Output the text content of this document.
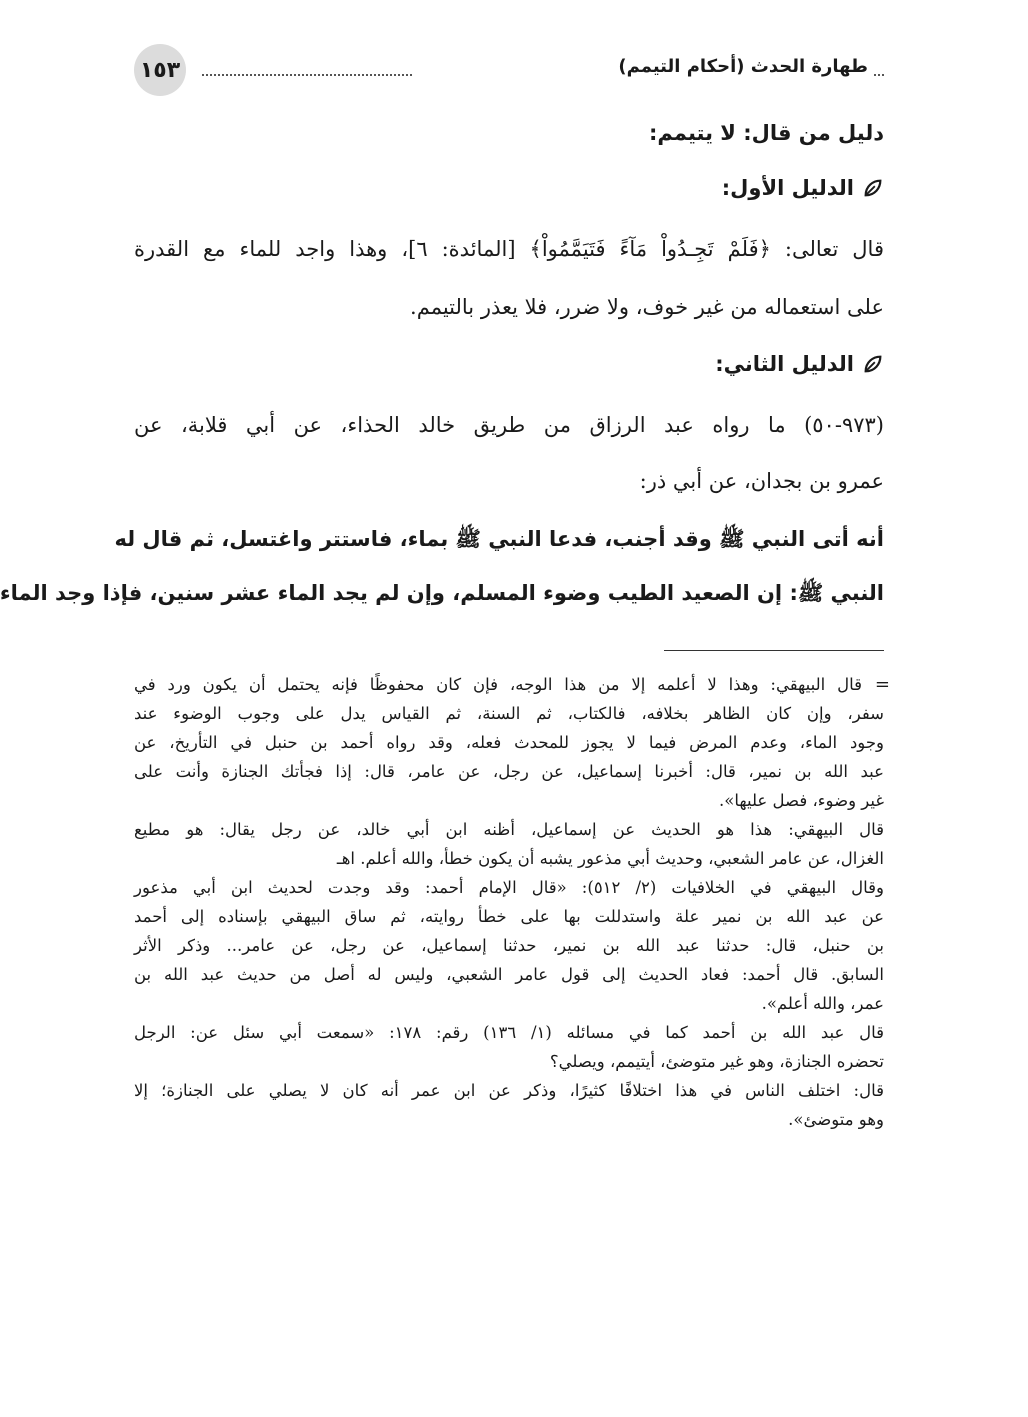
١٥٣	طهارة الحدث (أحكام التيمم)

دليل من قال: لا يتيمم:

الدليل الأول:

قال تعالى: ﴿فَلَمْ تَجِـدُواْ مَآءً فَتَيَمَّمُواْ﴾ [المائدة: ٦]، وهذا واجد للماء مع القدرة

على استعماله من غير خوف، ولا ضرر، فلا يعذر بالتيمم.

الدليل الثاني:

(٩٧٣-٥٠) ما رواه عبد الرزاق من طريق خالد الحذاء، عن أبي قلابة، عن

عمرو بن بجدان، عن أبي ذر:

أنه أتى النبي ﷺ وقد أجنب، فدعا النبي ﷺ بماء، فاستتر واغتسل، ثم قال له

النبي ﷺ: إن الصعيد الطيب وضوء المسلم، وإن لم يجد الماء عشر سنين، فإذا وجد الماء

=

قال البيهقي: وهذا لا أعلمه إلا من هذا الوجه، فإن كان محفوظًا فإنه يحتمل أن يكون ورد في

سفر، وإن كان الظاهر بخلافه، فالكتاب، ثم السنة، ثم القياس يدل على وجوب الوضوء عند

وجود الماء، وعدم المرض فيما لا يجوز للمحدث فعله، وقد رواه أحمد بن حنبل في التأريخ، عن

عبد الله بن نمير، قال: أخبرنا إسماعيل، عن رجل، عن عامر، قال: إذا فجأتك الجنازة وأنت على

غير وضوء، فصل عليها».

قال البيهقي: هذا هو الحديث عن إسماعيل، أظنه ابن أبي خالد، عن رجل يقال: هو مطيع

الغزال، عن عامر الشعبي، وحديث أبي مذعور يشبه أن يكون خطأ، والله أعلم. اهـ

وقال البيهقي في الخلافيات (٢/ ٥١٢): «قال الإمام أحمد: وقد وجدت لحديث ابن أبي مذعور

عن عبد الله بن نمير علة واستدللت بها على خطأ روايته، ثم ساق البيهقي بإسناده إلى أحمد

بن حنبل، قال: حدثنا عبد الله بن نمير، حدثنا إسماعيل، عن رجل، عن عامر... وذكر الأثر

السابق. قال أحمد: فعاد الحديث إلى قول عامر الشعبي، وليس له أصل من حديث عبد الله بن

عمر، والله أعلم».

قال عبد الله بن أحمد كما في مسائله (١/ ١٣٦) رقم: ١٧٨: «سمعت أبي سئل عن: الرجل

تحضره الجنازة، وهو غير متوضئ، أيتيمم، ويصلي؟

قال: اختلف الناس في هذا اختلافًا كثيرًا، وذكر عن ابن عمر أنه كان لا يصلي على الجنازة؛ إلا

وهو متوضئ».
